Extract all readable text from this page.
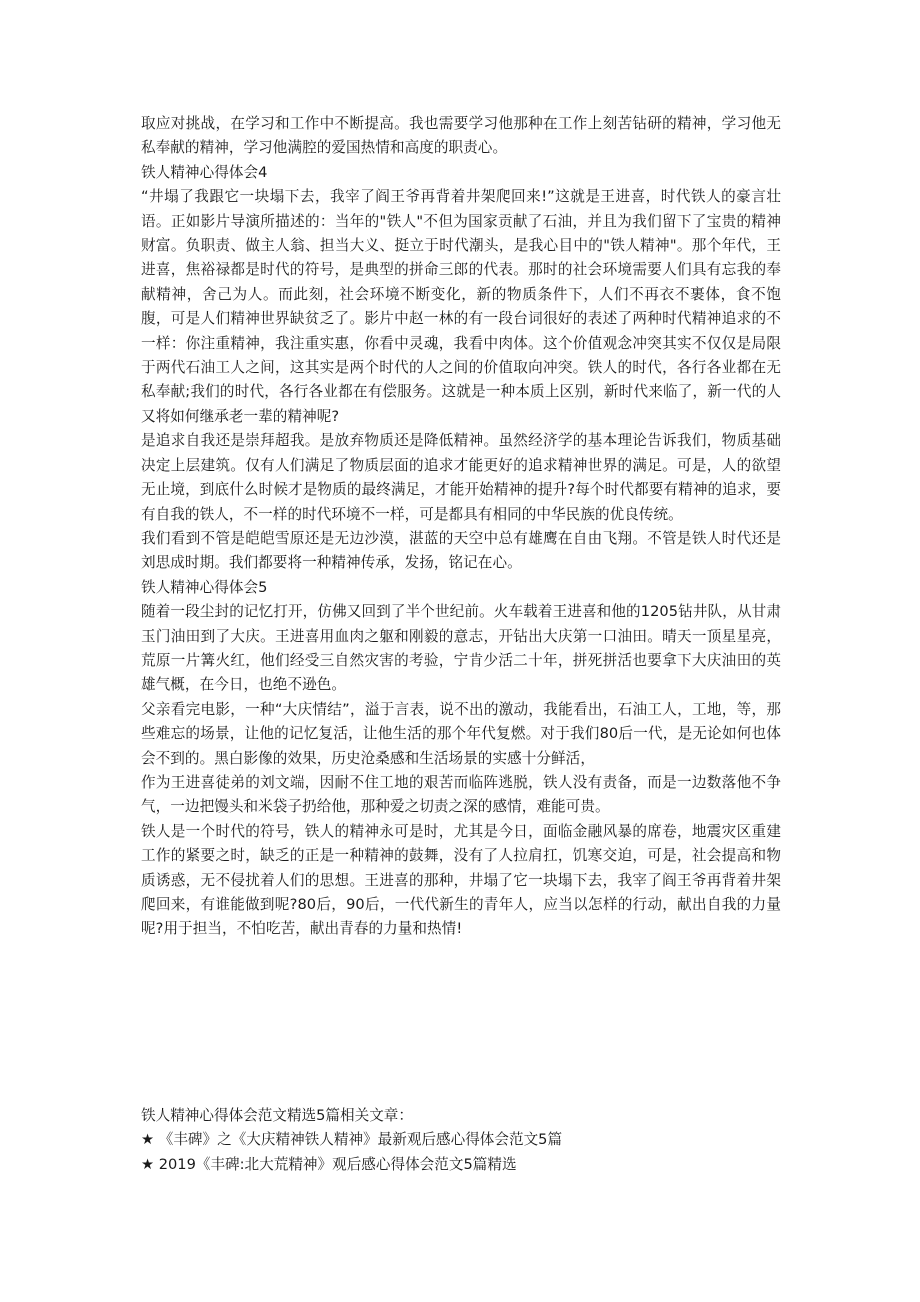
取应对挑战，在学习和工作中不断提高。我也需要学习他那种在工作上刻苦钻研的精神，学习他无私奉献的精神，学习他满腔的爱国热情和高度的职责心。

铁人精神心得体会4

“井塌了我跟它一块塌下去，我宰了阎王爷再背着井架爬回来!”这就是王进喜，时代铁人的豪言壮语。正如影片导演所描述的：当年的"铁人"不但为国家贡献了石油，并且为我们留下了宝贵的精神财富。负职责、做主人翁、担当大义、挺立于时代潮头，是我心目中的"铁人精神"。那个年代，王进喜，焦裕禄都是时代的符号，是典型的拼命三郎的代表。那时的社会环境需要人们具有忘我的奉献精神，舍己为人。而此刻，社会环境不断变化，新的物质条件下，人们不再衣不裹体，食不饱腹，可是人们精神世界缺贫乏了。影片中赵一林的有一段台词很好的表述了两种时代精神追求的不一样：你注重精神，我注重实惠，你看中灵魂，我看中肉体。这个价值观念冲突其实不仅仅是局限于两代石油工人之间，这其实是两个时代的人之间的价值取向冲突。铁人的时代，各行各业都在无私奉献;我们的时代，各行各业都在有偿服务。这就是一种本质上区别，新时代来临了，新一代的人又将如何继承老一辈的精神呢?

是追求自我还是崇拜超我。是放弃物质还是降低精神。虽然经济学的基本理论告诉我们，物质基础决定上层建筑。仅有人们满足了物质层面的追求才能更好的追求精神世界的满足。可是，人的欲望无止境，到底什么时候才是物质的最终满足，才能开始精神的提升?每个时代都要有精神的追求，要有自我的铁人，不一样的时代环境不一样，可是都具有相同的中华民族的优良传统。

我们看到不管是皑皑雪原还是无边沙漠，湛蓝的天空中总有雄鹰在自由飞翔。不管是铁人时代还是刘思成时期。我们都要将一种精神传承，发扬，铭记在心。

铁人精神心得体会5

随着一段尘封的记忆打开，仿佛又回到了半个世纪前。火车载着王进喜和他的1205钻井队，从甘肃玉门油田到了大庆。王进喜用血肉之躯和刚毅的意志，开钻出大庆第一口油田。晴天一顶星星亮，荒原一片篝火红，他们经受三自然灾害的考验，宁肯少活二十年，拼死拼活也要拿下大庆油田的英雄气概，在今日，也绝不逊色。

父亲看完电影，一种“大庆情结”，溢于言表，说不出的激动，我能看出，石油工人，工地，等，那些难忘的场景，让他的记忆复活，让他生活的那个年代复燃。对于我们80后一代，是无论如何也体会不到的。黑白影像的效果，历史沧桑感和生活场景的实感十分鲜活，

作为王进喜徒弟的刘文端，因耐不住工地的艰苦而临阵逃脱，铁人没有责备，而是一边数落他不争气，一边把馒头和米袋子扔给他，那种爱之切责之深的感情，难能可贵。

铁人是一个时代的符号，铁人的精神永可是时，尤其是今日，面临金融风暴的席卷，地震灾区重建工作的紧要之时，缺乏的正是一种精神的鼓舞，没有了人拉肩扛，饥寒交迫，可是，社会提高和物质诱惑，无不侵扰着人们的思想。王进喜的那种，井塌了它一块塌下去，我宰了阎王爷再背着井架爬回来，有谁能做到呢?80后，90后，一代代新生的青年人，应当以怎样的行动，献出自我的力量呢?用于担当，不怕吃苦，献出青春的力量和热情!

铁人精神心得体会范文精选5篇相关文章：

★ 《丰碑》之《大庆精神铁人精神》最新观后感心得体会范文5篇

★ 2019《丰碑:北大荒精神》观后感心得体会范文5篇精选
